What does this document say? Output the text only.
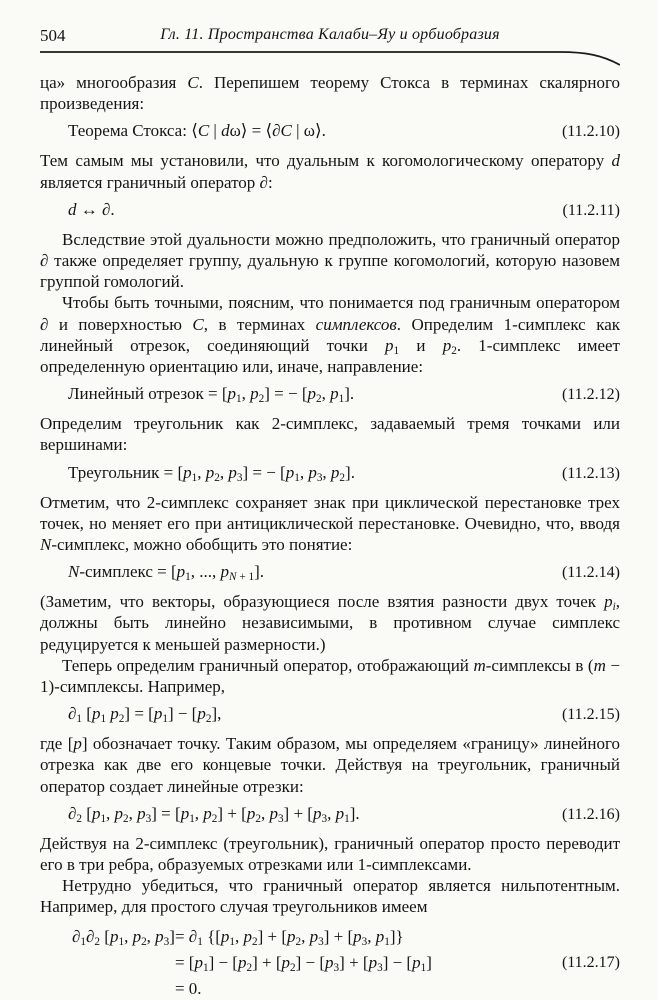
504	Гл. 11. Пространства Калаби–Яу и орбиобразия

ца» многообразия C. Перепишем теорему Стокса в терминах скалярного произведения:

Теорема Стокса: ⟨C | dω⟩ = ⟨∂C | ω⟩.	(11.2.10)

Тем самым мы установили, что дуальным к когомологическому оператору d является граничный оператор ∂:

d ↔ ∂.	(11.2.11)

Вследствие этой дуальности можно предположить, что граничный оператор ∂ также определяет группу, дуальную к группе когомологий, которую назовем группой гомологий.

Чтобы быть точными, поясним, что понимается под граничным оператором ∂ и поверхностью C, в терминах симплексов. Определим 1-симплекс как линейный отрезок, соединяющий точки $p_1$ и $p_2$. 1-симплекс имеет определенную ориентацию или, иначе, направление:

Линейный отрезок = [$p_1$, $p_2$] = − [$p_2$, $p_1$].	(11.2.12)

Определим треугольник как 2-симплекс, задаваемый тремя точками или вершинами:

Треугольник = [$p_1$, $p_2$, $p_3$] = − [$p_1$, $p_3$, $p_2$].	(11.2.13)

Отметим, что 2-симплекс сохраняет знак при циклической перестановке трех точек, но меняет его при антициклической перестановке. Очевидно, что, вводя N-симплекс, можно обобщить это понятие:

N-симплекс = [$p_1$, ..., $p_N$ $_{+ 1}$].	(11.2.14)

(Заметим, что векторы, образующиеся после взятия разности двух точек $p_i$, должны быть линейно независимыми, в противном случае симплекс редуцируется к меньшей размерности.)

Теперь определим граничный оператор, отображающий m-симплексы в (m − 1)-симплексы. Например,

$\partial_1$ [$p_1$ $p_2] = [p_1] - [p_2]$,	(11.2.15)

где [p] обозначает точку. Таким образом, мы определяем «границу» линейного отрезка как две его концевые точки. Действуя на треугольник, граничный оператор создает линейные отрезки:

$\partial_2$ [$p_1$, $p_2$, $p_3] = [p_1$, $p_2] + [p_2$, $p_3] + [p_3$, $p_1$].	(11.2.16)

Действуя на 2-симплекс (треугольник), граничный оператор просто переводит его в три ребра, образуемых отрезками или 1-симплексами.

Нетрудно убедиться, что граничный оператор является нильпотентным. Например, для простого случая треугольников имеем

$\partial_1\partial_2$ [$p_1$, $p_2$, $p_3$]	= $\partial_1$ {[$p_1$, $p_2] + [p_2$, $p_3] + [p_3$, $p_1$]}
	= $[p_1] - [p_2] + [p_2] - [p_3] + [p_3] - [p_1]$
	= 0.
(11.2.17)
